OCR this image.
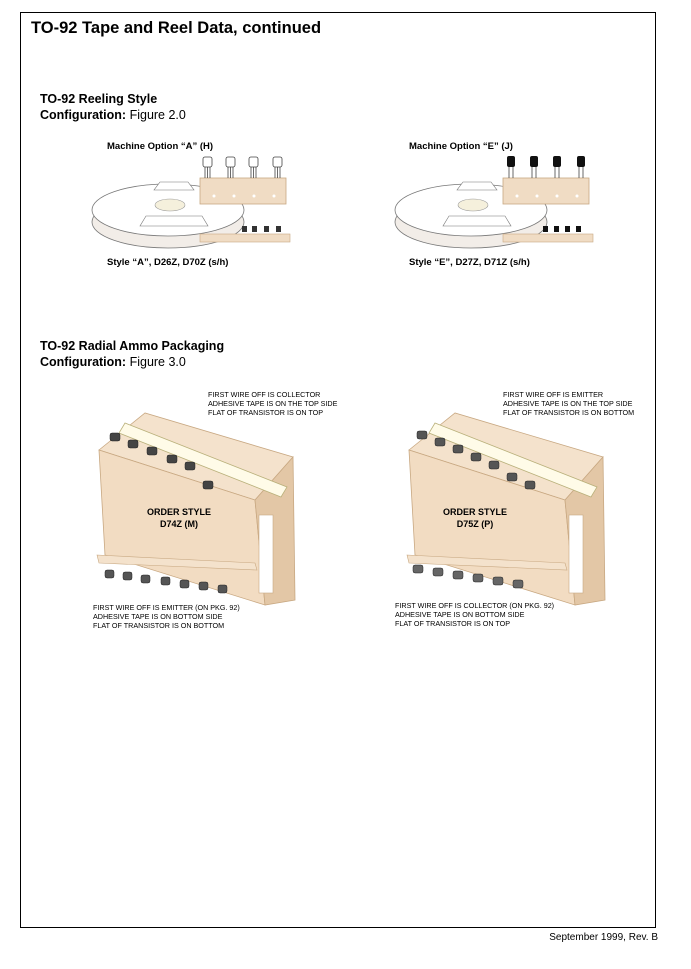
TO-92 Tape and Reel Data, continued
TO-92 Reeling Style
Configuration: Figure 2.0
Machine Option “A” (H)	Machine Option “E” (J)
Style “A”, D26Z, D70Z (s/h)	Style “E”, D27Z, D71Z (s/h)
TO-92 Radial Ammo Packaging
Configuration: Figure 3.0
FIRST WIRE OFF IS COLLECTOR
ADHESIVE TAPE IS ON THE TOP SIDE
FLAT OF TRANSISTOR IS ON TOP
FIRST WIRE OFF IS EMITTER
ADHESIVE TAPE IS ON THE TOP SIDE
FLAT OF TRANSISTOR IS ON BOTTOM
ORDER STYLE
D74Z (M)
ORDER STYLE
D75Z (P)
FIRST WIRE OFF IS EMITTER (ON PKG. 92)
ADHESIVE TAPE IS ON BOTTOM SIDE
FLAT OF TRANSISTOR IS ON BOTTOM
FIRST WIRE OFF IS COLLECTOR (ON PKG. 92)
ADHESIVE TAPE IS ON BOTTOM SIDE
FLAT OF TRANSISTOR IS ON TOP
September 1999, Rev. B
